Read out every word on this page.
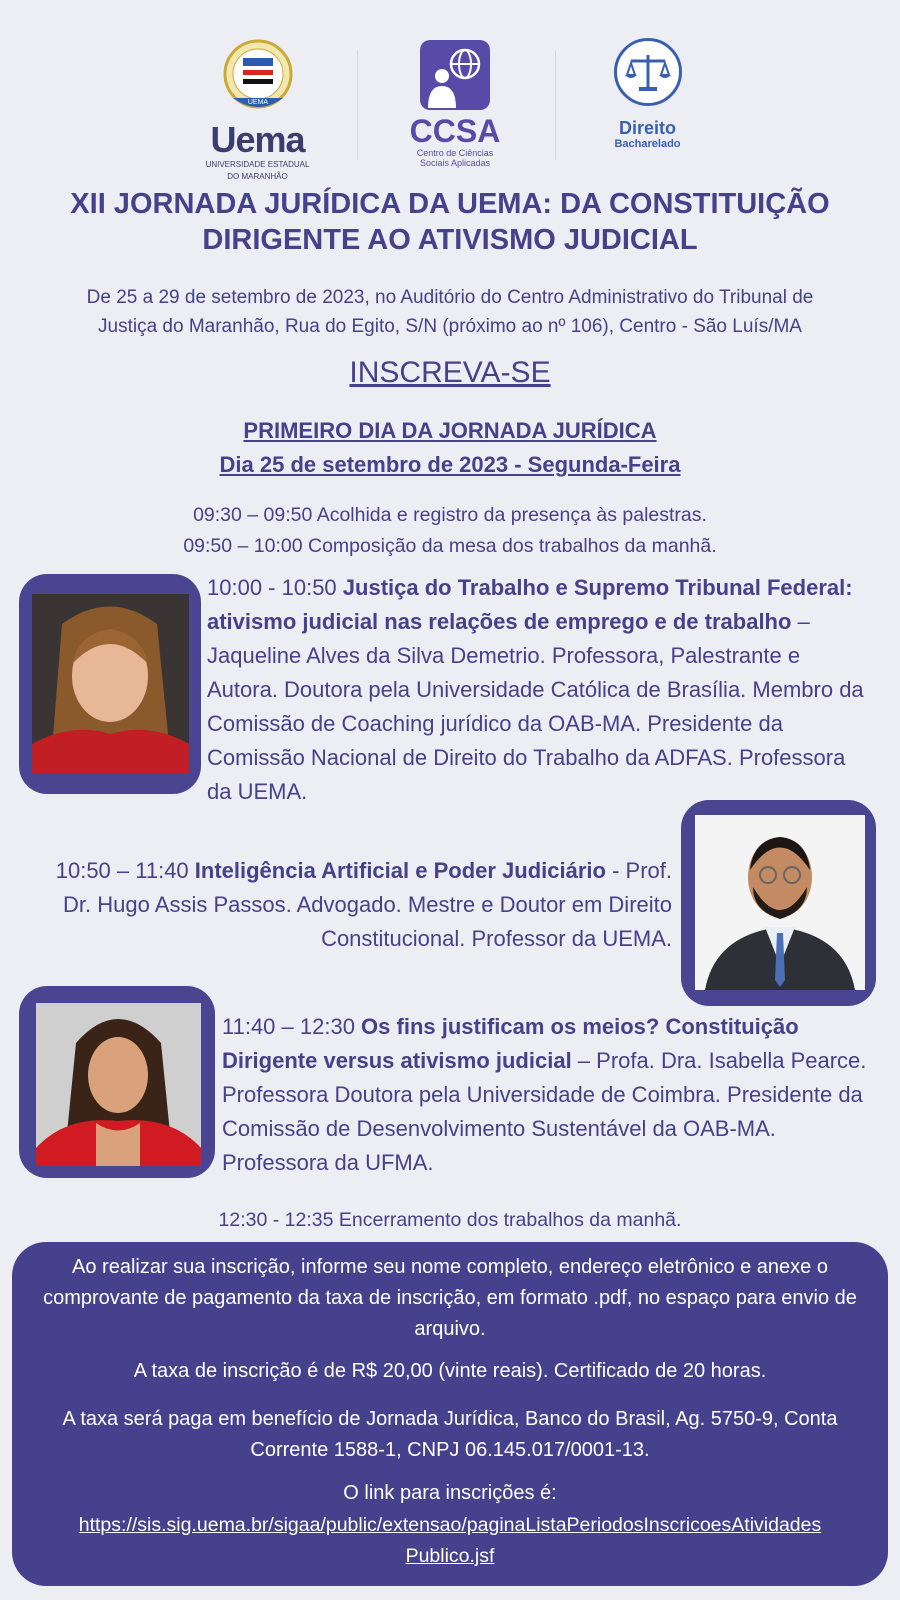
UEMA
Uema
UNIVERSIDADE ESTADUAL
DO MARANHÃO
CCSA
Centro de Ciências
Sociais Aplicadas
Direito
Bacharelado
XII JORNADA JURÍDICA DA UEMA: DA CONSTITUIÇÃO
DIRIGENTE AO ATIVISMO JUDICIAL
De 25 a 29 de setembro de 2023, no Auditório do Centro Administrativo do Tribunal de
Justiça do Maranhão, Rua do Egito, S/N (próximo ao nº 106), Centro - São Luís/MA
INSCREVA-SE
PRIMEIRO DIA DA JORNADA JURÍDICA
Dia 25 de setembro de 2023 - Segunda-Feira
09:30 – 09:50 Acolhida e registro da presença às palestras.
09:50 – 10:00 Composição da mesa dos trabalhos da manhã.
10:00 - 10:50 Justiça do Trabalho e Supremo Tribunal Federal: ativismo judicial nas relações de emprego e de trabalho – Jaqueline Alves da Silva Demetrio. Professora, Palestrante e Autora. Doutora pela Universidade Católica de Brasília. Membro da Comissão de Coaching jurídico da OAB-MA. Presidente da Comissão Nacional de Direito do Trabalho da ADFAS. Professora da UEMA.
10:50 – 11:40 Inteligência Artificial e Poder Judiciário - Prof. Dr. Hugo Assis Passos. Advogado. Mestre e Doutor em Direito Constitucional. Professor da UEMA.
11:40 – 12:30 Os fins justificam os meios? Constituição Dirigente versus ativismo judicial – Profa. Dra. Isabella Pearce. Professora Doutora pela Universidade de Coimbra. Presidente da Comissão de Desenvolvimento Sustentável da OAB-MA. Professora da UFMA.
12:30 - 12:35 Encerramento dos trabalhos da manhã.

Ao realizar sua inscrição, informe seu nome completo, endereço eletrônico e anexe o comprovante de pagamento da taxa de inscrição, em formato .pdf, no espaço para envio de arquivo.

A taxa de inscrição é de R$ 20,00 (vinte reais). Certificado de 20 horas.

A taxa será paga em benefício de Jornada Jurídica, Banco do Brasil, Ag. 5750-9, Conta Corrente 1588-1, CNPJ 06.145.017/0001-13.

O link para inscrições é:

https://sis.sig.uema.br/sigaa/public/extensao/paginaListaPeriodosInscricoesAtividades
Publico.jsf
